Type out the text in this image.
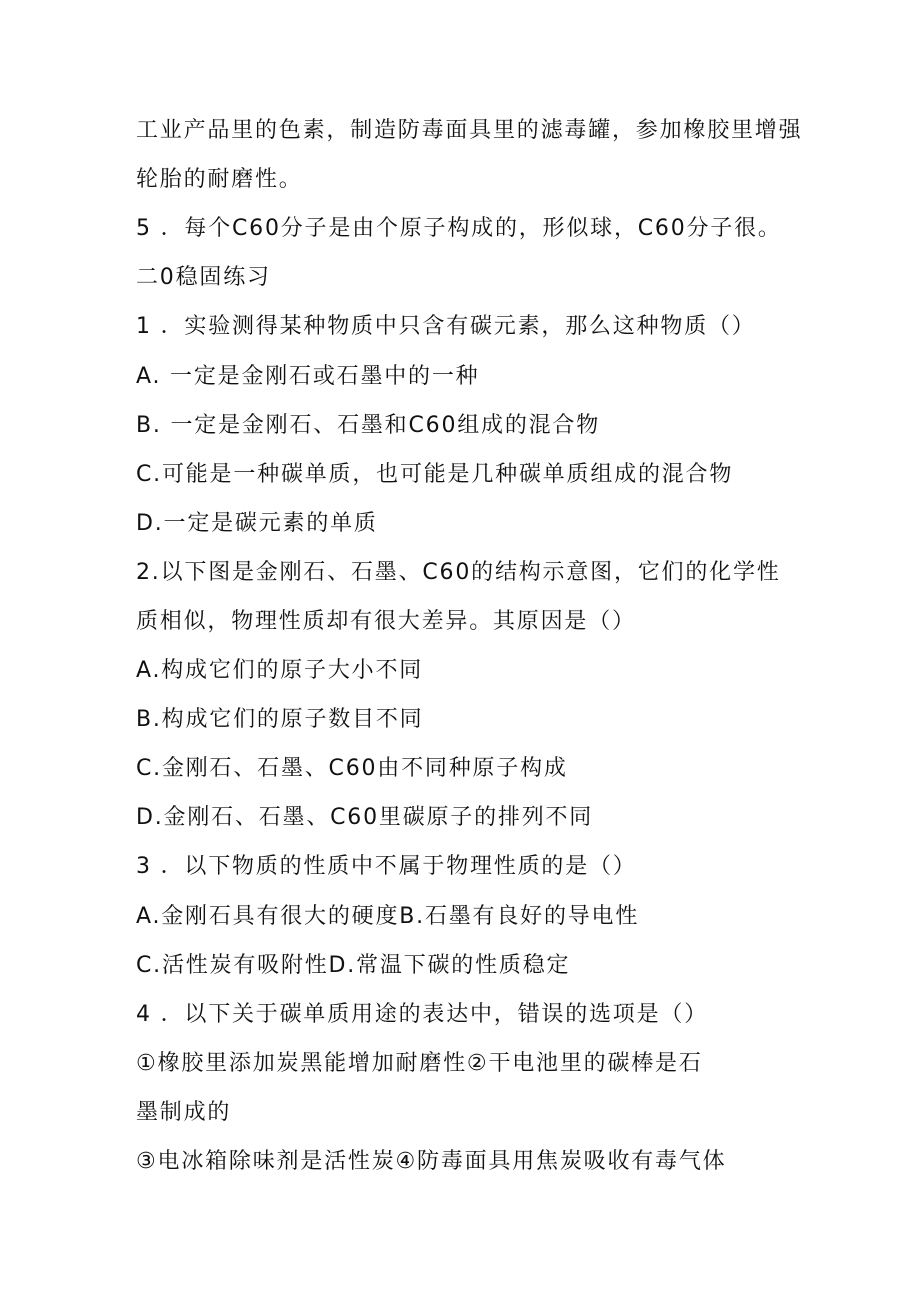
工业产品里的色素，制造防毒面具里的滤毒罐，参加橡胶里增强
轮胎的耐磨性。
5 ．每个C60分子是由个原子构成的，形似球，C60分子很。
二0稳固练习
1 ．实验测得某种物质中只含有碳元素，那么这种物质（）
A. 一定是金刚石或石墨中的一种
B. 一定是金刚石、石墨和C60组成的混合物
C.可能是一种碳单质，也可能是几种碳单质组成的混合物
D.一定是碳元素的单质
2.以下图是金刚石、石墨、C60的结构示意图，它们的化学性
质相似，物理性质却有很大差异。其原因是（）
A.构成它们的原子大小不同
B.构成它们的原子数目不同
C.金刚石、石墨、C60由不同种原子构成
D.金刚石、石墨、C60里碳原子的排列不同
3 ．以下物质的性质中不属于物理性质的是（）
A.金刚石具有很大的硬度B.石墨有良好的导电性
C.活性炭有吸附性D.常温下碳的性质稳定
4 ．以下关于碳单质用途的表达中，错误的选项是（）
①橡胶里添加炭黑能增加耐磨性②干电池里的碳棒是石
墨制成的
③电冰箱除味剂是活性炭④防毒面具用焦炭吸收有毒气体
